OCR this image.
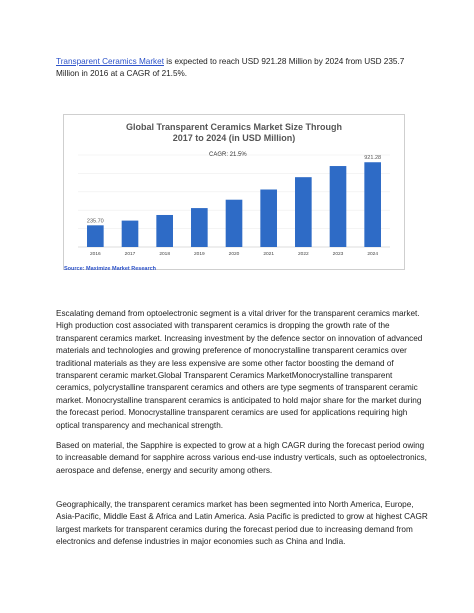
Transparent Ceramics Market is expected to reach USD 921.28 Million by 2024 from USD 235.7 Million in 2016 at a CAGR of 21.5%.

Global Transparent Ceramics Market Size Through
2017 to 2024 (in USD Million)
CAGR: 21.5%
2016
235.70
2017	2018	2019	2020	2021	2022	2023	2024
921.28
Source: Maximize Market Research

Escalating demand from optoelectronic segment is a vital driver for the transparent ceramics market. High production cost associated with transparent ceramics is dropping the growth rate of the transparent ceramics market. Increasing investment by the defence sector on innovation of advanced materials and technologies and growing preference of monocrystalline transparent ceramics over traditional materials as they are less expensive are some other factor boosting the demand of transparent ceramic market.Global Transparent Ceramics MarketMonocrystalline transparent ceramics, polycrystalline transparent ceramics and others are type segments of transparent ceramic market. Monocrystalline transparent ceramics is anticipated to hold major share for the market during the forecast period. Monocrystalline transparent ceramics are used for applications requiring high optical transparency and mechanical strength.

Based on material, the Sapphire is expected to grow at a high CAGR during the forecast period owing to increasable demand for sapphire across various end-use industry verticals, such as optoelectronics, aerospace and defense, energy and security among others.

Geographically, the transparent ceramics market has been segmented into North America, Europe, Asia-Pacific, Middle East & Africa and Latin America. Asia Pacific is predicted to grow at highest CAGR largest markets for transparent ceramics during the forecast period due to increasing demand from electronics and defense industries in major economies such as China and India.
